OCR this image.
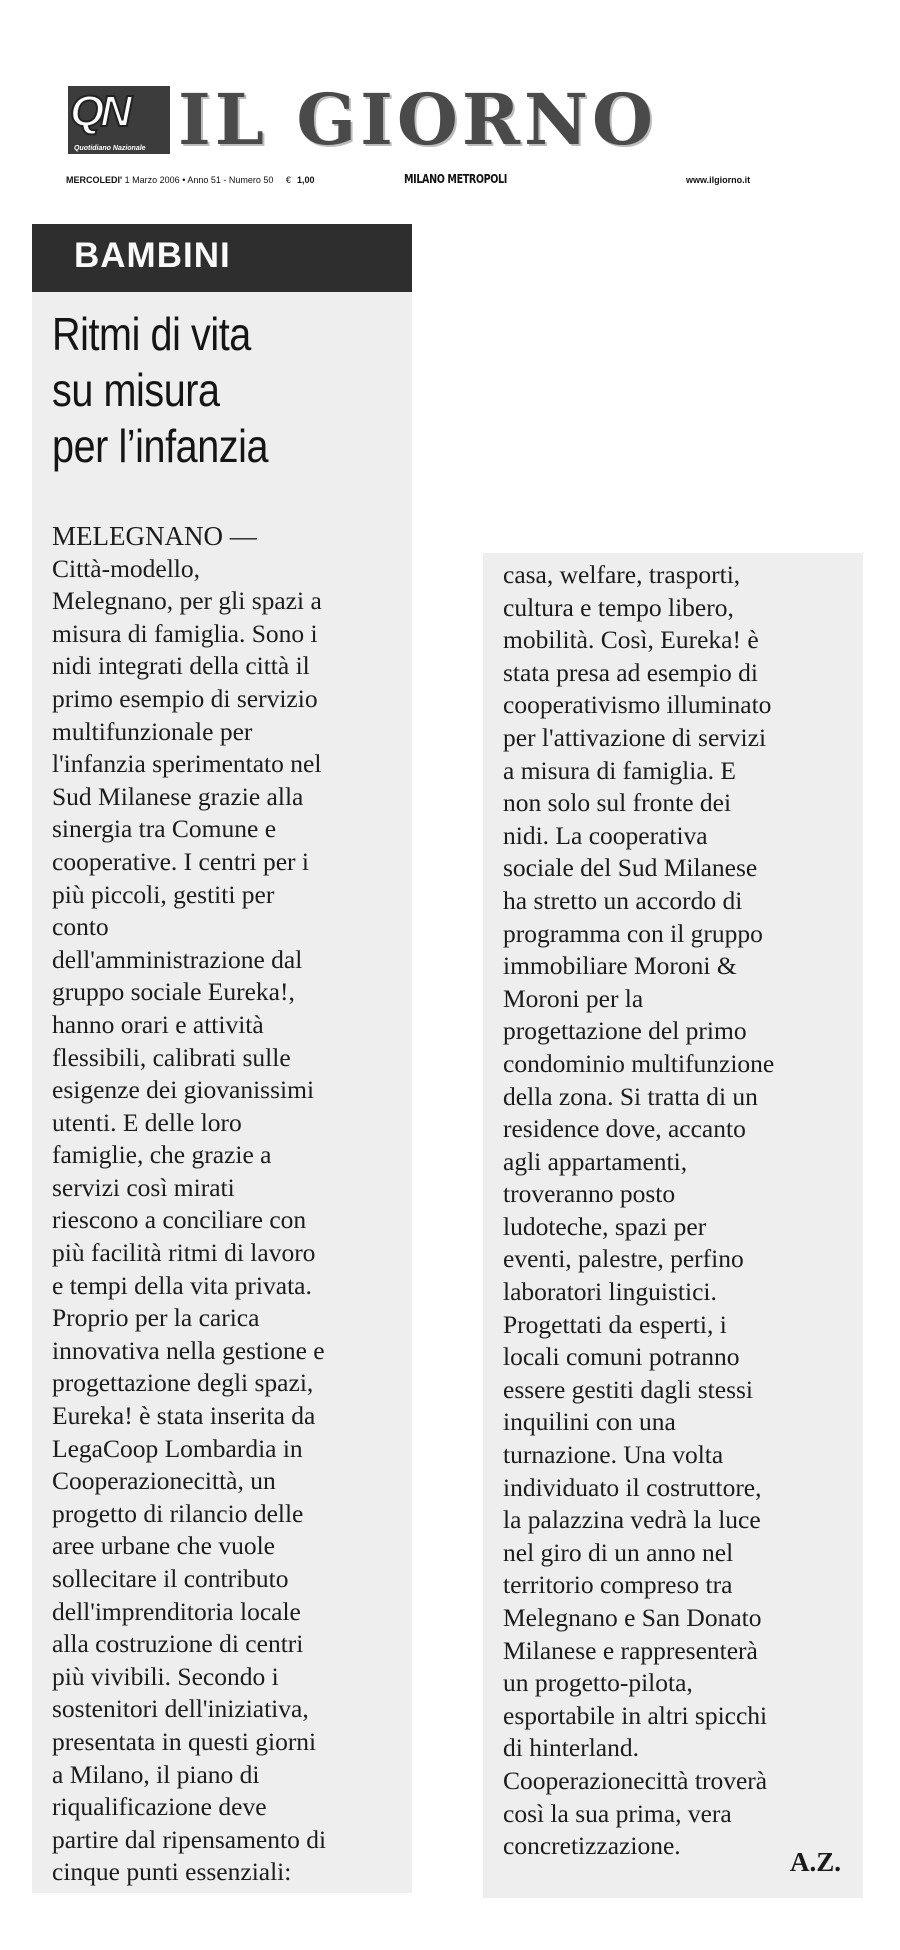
QN
Quotidiano Nazionale IL GIORNO
MERCOLEDI' 1 Marzo 2006 • Anno 51 - Numero 50 € 1,00	MILANO METROPOLI	www.ilgiorno.it
BAMBINI
Ritmi di vita
su misura
per l’infanzia
MELEGNANO —
Città-modello,
Melegnano, per gli spazi a
misura di famiglia. Sono i
nidi integrati della città il
primo esempio di servizio
multifunzionale per
l'infanzia sperimentato nel
Sud Milanese grazie alla
sinergia tra Comune e
cooperative. I centri per i
più piccoli, gestiti per
conto
dell'amministrazione dal
gruppo sociale Eureka!,
hanno orari e attività
flessibili, calibrati sulle
esigenze dei giovanissimi
utenti. E delle loro
famiglie, che grazie a
servizi così mirati
riescono a conciliare con
più facilità ritmi di lavoro
e tempi della vita privata.
Proprio per la carica
innovativa nella gestione e
progettazione degli spazi,
Eureka! è stata inserita da
LegaCoop Lombardia in
Cooperazionecittà, un
progetto di rilancio delle
aree urbane che vuole
sollecitare il contributo
dell'imprenditoria locale
alla costruzione di centri
più vivibili. Secondo i
sostenitori dell'iniziativa,
presentata in questi giorni
a Milano, il piano di
riqualificazione deve
partire dal ripensamento di
cinque punti essenziali:
casa, welfare, trasporti,
cultura e tempo libero,
mobilità. Così, Eureka! è
stata presa ad esempio di
cooperativismo illuminato
per l'attivazione di servizi
a misura di famiglia. E
non solo sul fronte dei
nidi. La cooperativa
sociale del Sud Milanese
ha stretto un accordo di
programma con il gruppo
immobiliare Moroni &
Moroni per la
progettazione del primo
condominio multifunzione
della zona. Si tratta di un
residence dove, accanto
agli appartamenti,
troveranno posto
ludoteche, spazi per
eventi, palestre, perfino
laboratori linguistici.
Progettati da esperti, i
locali comuni potranno
essere gestiti dagli stessi
inquilini con una
turnazione. Una volta
individuato il costruttore,
la palazzina vedrà la luce
nel giro di un anno nel
territorio compreso tra
Melegnano e San Donato
Milanese e rappresenterà
un progetto-pilota,
esportabile in altri spicchi
di hinterland.
Cooperazionecittà troverà
così la sua prima, vera
concretizzazione.
A.Z.
